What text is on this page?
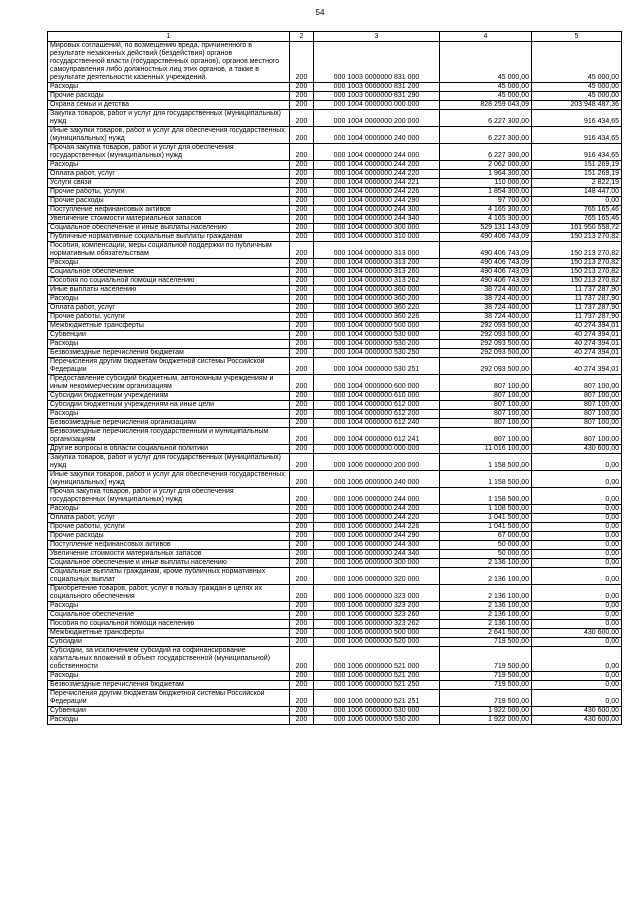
54
1	2	3	4	5
Мировых соглашений, по возмещению вреда, причиненного в результате незаконных действий (бездействия) органов государственной власти (государственных органов), органов местного самоуправления либо должностных лиц этих органов, а также в результате деятельности казенных учреждений	200	000 1003 0000000 831 000	45 000,00	45 000,00
Расходы	200	000 1003 0000000 831 200	45 000,00	45 000,00
Прочие расходы	200	000 1003 0000000 831 290	45 000,00	45 000,00
Охрана семьи и детства	200	000 1004 0000000 000 000	828 259 043,09	203 948 487,36
Закупка товаров, работ и услуг для государственных (муниципальных) нужд	200	000 1004 0000000 200 000	6 227 300,00	916 434,65
Иные закупки товаров, работ и услуг для обеспечения государственных (муниципальных) нужд	200	000 1004 0000000 240 000	6 227 300,00	916 434,65
Прочая закупка товаров, работ и услуг для обеспечения государственных (муниципальных) нужд	200	000 1004 0000000 244 000	6 227 300,00	916 434,65
Расходы	200	000 1004 0000000 244 200	2 062 000,00	151 269,19
Оплата работ, услуг	200	000 1004 0000000 244 220	1 964 300,00	151 269,19
Услуги связи	200	000 1004 0000000 244 221	110 000,00	2 822,19
Прочие работы, услуги	200	000 1004 0000000 244 226	1 854 300,00	148 447,00
Прочие расходы	200	000 1004 0000000 244 290	97 700,00	0,00
Поступление нефинансовых активов	200	000 1004 0000000 244 300	4 165 300,00	765 165,46
Увеличение стоимости материальных запасов	200	000 1004 0000000 244 340	4 165 300,00	765 165,46
Социальное обеспечение и иные выплаты населению	200	000 1004 0000000 300 000	529 131 143,09	161 950 558,72
Публичные нормативные социальные выплаты гражданам	200	000 1004 0000000 310 000	490 406 743,09	150 213 270,82
Пособия, компенсации, меры социальной поддержки по публичным нормативным обязательствам	200	000 1004 0000000 313 000	490 406 743,09	150 213 270,82
Расходы	200	000 1004 0000000 313 200	490 406 743,09	150 213 270,82
Социальное обеспечение	200	000 1004 0000000 313 260	490 406 743,09	150 213 270,82
Пособия по социальной помощи населению	200	000 1004 0000000 313 262	490 406 743,09	150 213 270,82
Иные выплаты населению	200	000 1004 0000000 360 000	38 724 400,00	11 737 287,90
Расходы	200	000 1004 0000000 360 200	38 724 400,00	11 737 287,90
Оплата работ, услуг	200	000 1004 0000000 360 220	38 724 400,00	11 737 287,90
Прочие работы, услуги	200	000 1004 0000000 360 226	38 724 400,00	11 737 287,90
Межбюджетные трансферты	200	000 1004 0000000 500 000	292 093 500,00	40 274 394,01
Субвенции	200	000 1004 0000000 530 000	292 093 500,00	40 274 394,01
Расходы	200	000 1004 0000000 530 200	292 093 500,00	40 274 394,01
Безвозмездные перечисления бюджетам	200	000 1004 0000000 530 250	292 093 500,00	40 274 394,01
Перечисления другим бюджетам бюджетной системы Российской Федерации	200	000 1004 0000000 530 251	292 093 500,00	40 274 394,01
Предоставление субсидий бюджетным, автономным учреждениям и иным некоммерческим организациям	200	000 1004 0000000 600 000	807 100,00	807 100,00
Субсидии бюджетным учреждениям	200	000 1004 0000000 610 000	807 100,00	807 100,00
Субсидии бюджетным учреждениям на иные цели	200	000 1004 0000000 612 000	807 100,00	807 100,00
Расходы	200	000 1004 0000000 612 200	807 100,00	807 100,00
Безвозмездные перечисления организациям	200	000 1004 0000000 612 240	807 100,00	807 100,00
Безвозмездные перечисления государственным и муниципальным организациям	200	000 1004 0000000 612 241	807 100,00	807 100,00
Другие вопросы в области социальной политики	200	000 1006 0000000 000 000	11 016 100,00	430 600,00
Закупка товаров, работ и услуг для государственных (муниципальных) нужд	200	000 1006 0000000 200 000	1 158 500,00	0,00
Иные закупки товаров, работ и услуг для обеспечения государственных (муниципальных) нужд	200	000 1006 0000000 240 000	1 158 500,00	0,00
Прочая закупка товаров, работ и услуг для обеспечения государственных (муниципальных) нужд	200	000 1006 0000000 244 000	1 158 500,00	0,00
Расходы	200	000 1006 0000000 244 200	1 108 500,00	0,00
Оплата работ, услуг	200	000 1006 0000000 244 220	1 041 500,00	0,00
Прочие работы, услуги	200	000 1006 0000000 244 226	1 041 500,00	0,00
Прочие расходы	200	000 1006 0000000 244 290	67 000,00	0,00
Поступление нефинансовых активов	200	000 1006 0000000 244 300	50 000,00	0,00
Увеличение стоимости материальных запасов	200	000 1006 0000000 244 340	50 000,00	0,00
Социальное обеспечение и иные выплаты населению	200	000 1006 0000000 300 000	2 136 100,00	0,00
Социальные выплаты гражданам, кроме публичных нормативных социальных выплат	200	000 1006 0000000 320 000	2 136 100,00	0,00
Приобретение товаров, работ, услуг в пользу граждан в целях их социального обеспечения	200	000 1006 0000000 323 000	2 136 100,00	0,00
Расходы	200	000 1006 0000000 323 200	2 136 100,00	0,00
Социальное обеспечение	200	000 1006 0000000 323 260	2 136 100,00	0,00
Пособия по социальной помощи населению	200	000 1006 0000000 323 262	2 136 100,00	0,00
Межбюджетные трансферты	200	000 1006 0000000 500 000	2 641 500,00	430 600,00
Субсидии	200	000 1006 0000000 520 000	719 500,00	0,00
Субсидии, за исключением субсидий на софинансирование капитальных вложений в объект государственной (муниципальной) собственности	200	000 1006 0000000 521 000	719 500,00	0,00
Расходы	200	000 1006 0000000 521 200	719 500,00	0,00
Безвозмездные перечисления бюджетам	200	000 1006 0000000 521 250	719 500,00	0,00
Перечисления другим бюджетам бюджетной системы Российской Федерации	200	000 1006 0000000 521 251	719 500,00	0,00
Субвенции	200	000 1006 0000000 530 000	1 922 000,00	430 600,00
Расходы	200	000 1006 0000000 530 200	1 922 000,00	430 600,00
